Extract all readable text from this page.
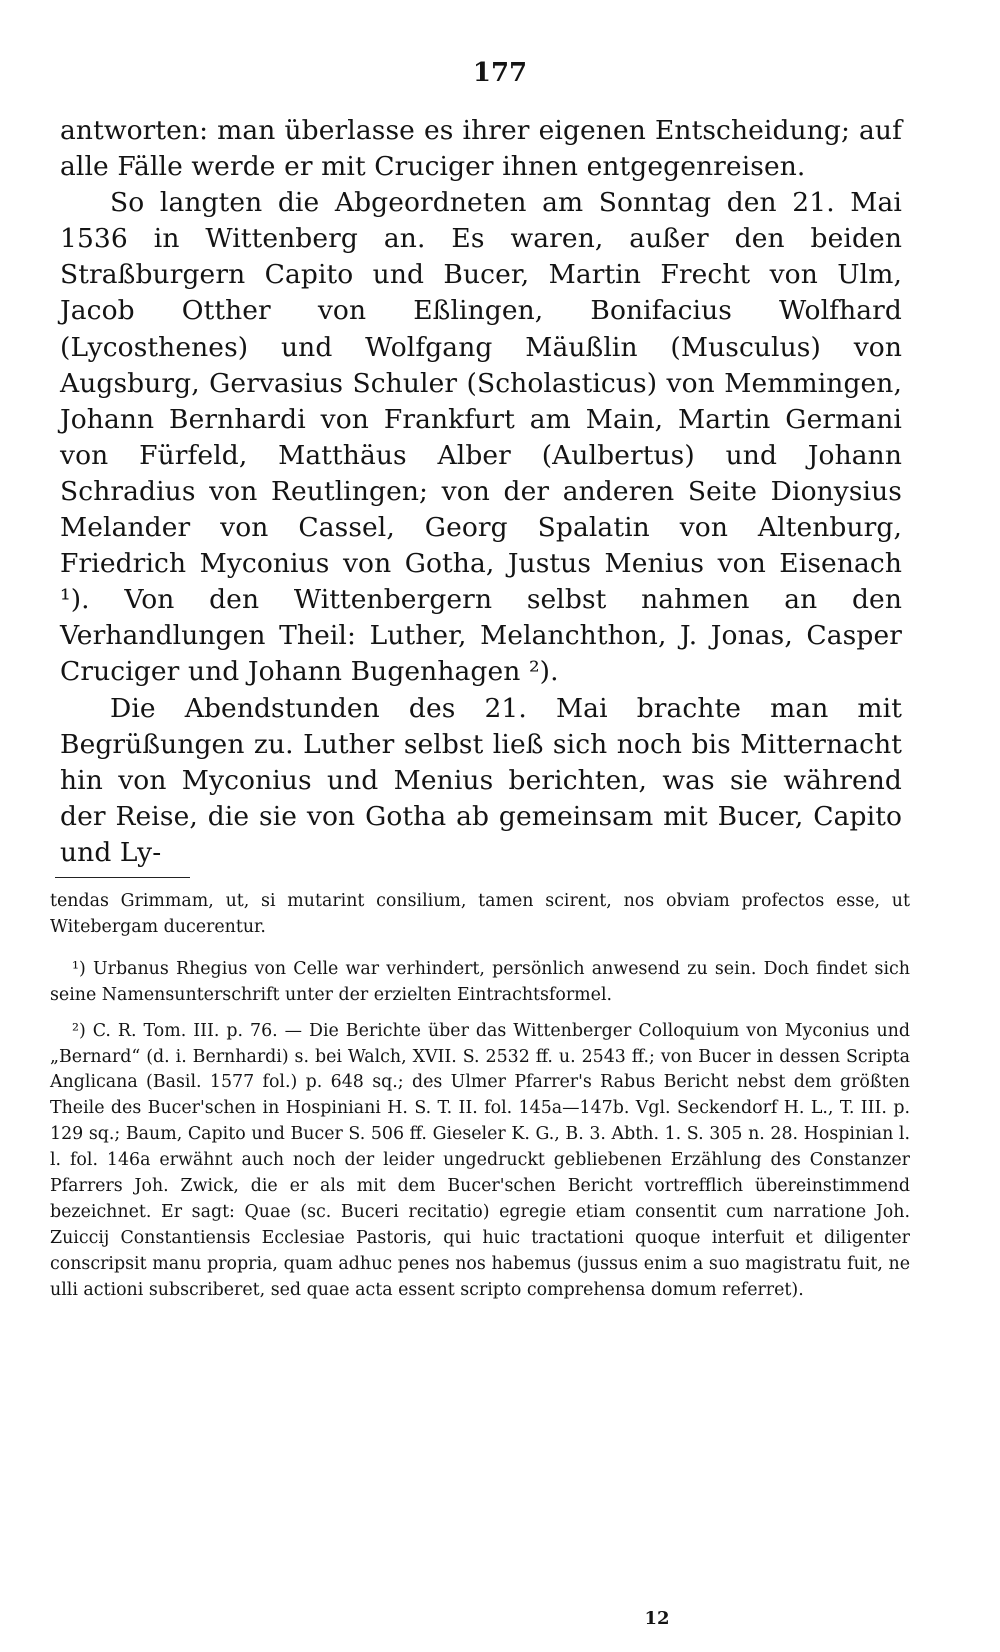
177

antworten: man überlasse es ihrer eigenen Entscheidung; auf alle Fälle werde er mit Cruciger ihnen entgegenreisen.

So langten die Abgeordneten am Sonntag den 21. Mai 1536 in Wittenberg an. Es waren, außer den beiden Straßburgern Capito und Bucer, Martin Frecht von Ulm, Jacob Otther von Eßlingen, Bonifacius Wolfhard (Lycosthenes) und Wolfgang Mäußlin (Musculus) von Augsburg, Gervasius Schuler (Scholasticus) von Memmingen, Johann Bernhardi von Frankfurt am Main, Martin Germani von Fürfeld, Matthäus Alber (Aulbertus) und Johann Schradius von Reutlingen; von der anderen Seite Dionysius Melander von Cassel, Georg Spalatin von Altenburg, Friedrich Myconius von Gotha, Justus Menius von Eisenach ¹). Von den Wittenbergern selbst nahmen an den Verhandlungen Theil: Luther, Melanchthon, J. Jonas, Casper Cruciger und Johann Bugenhagen ²).

Die Abendstunden des 21. Mai brachte man mit Begrüßungen zu. Luther selbst ließ sich noch bis Mitternacht hin von Myconius und Menius berichten, was sie während der Reise, die sie von Gotha ab gemeinsam mit Bucer, Capito und Ly-

tendas Grimmam, ut, si mutarint consilium, tamen scirent, nos obviam profectos esse, ut Witebergam ducerentur.

¹) Urbanus Rhegius von Celle war verhindert, persönlich anwesend zu sein. Doch findet sich seine Namensunterschrift unter der erzielten Eintrachtsformel.

²) C. R. Tom. III. p. 76. — Die Berichte über das Wittenberger Colloquium von Myconius und „Bernard“ (d. i. Bernhardi) s. bei Walch, XVII. S. 2532 ff. u. 2543 ff.; von Bucer in dessen Scripta Anglicana (Basil. 1577 fol.) p. 648 sq.; des Ulmer Pfarrer's Rabus Bericht nebst dem größten Theile des Bucer'schen in Hospiniani H. S. T. II. fol. 145a—147b. Vgl. Seckendorf H. L., T. III. p. 129 sq.; Baum, Capito und Bucer S. 506 ff. Gieseler K. G., B. 3. Abth. 1. S. 305 n. 28. Hospinian l. l. fol. 146a erwähnt auch noch der leider ungedruckt gebliebenen Erzählung des Constanzer Pfarrers Joh. Zwick, die er als mit dem Bucer'schen Bericht vortrefflich übereinstimmend bezeichnet. Er sagt: Quae (sc. Buceri recitatio) egregie etiam consentit cum narratione Joh. Zuiccij Constantiensis Ecclesiae Pastoris, qui huic tractationi quoque interfuit et diligenter conscripsit manu propria, quam adhuc penes nos habemus (jussus enim a suo magistratu fuit, ne ulli actioni subscriberet, sed quae acta essent scripto comprehensa domum referret).

12
